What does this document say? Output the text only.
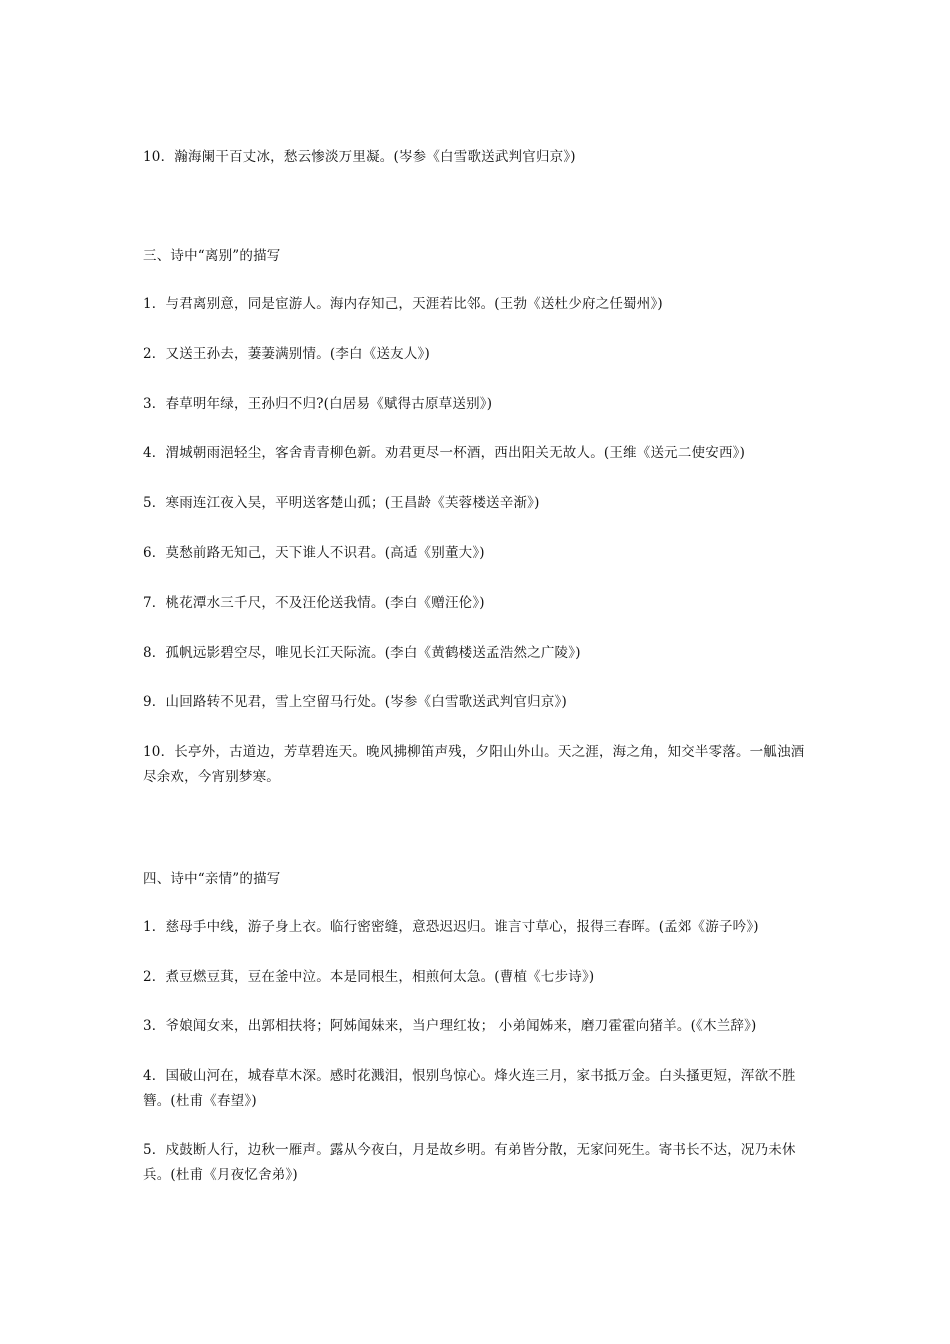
10．瀚海阑干百丈冰，愁云惨淡万里凝。(岑参《白雪歌送武判官归京》)
三、诗中“离别”的描写
1．与君离别意，同是宦游人。海内存知己，天涯若比邻。(王勃《送杜少府之任蜀州》)
2．又送王孙去，萋萋满别情。(李白《送友人》)
3．春草明年绿，王孙归不归?(白居易《赋得古原草送别》)
4．渭城朝雨浥轻尘，客舍青青柳色新。劝君更尽一杯酒，西出阳关无故人。(王维《送元二使安西》)
5．寒雨连江夜入吴，平明送客楚山孤；(王昌龄《芙蓉楼送辛渐》)
6．莫愁前路无知己，天下谁人不识君。(高适《别董大》)
7．桃花潭水三千尺，不及汪伦送我情。(李白《赠汪伦》)
8．孤帆远影碧空尽，唯见长江天际流。(李白《黄鹤楼送孟浩然之广陵》)
9．山回路转不见君，雪上空留马行处。(岑参《白雪歌送武判官归京》)
10．长亭外，古道边，芳草碧连天。晚风拂柳笛声残，夕阳山外山。天之涯，海之角，知交半零落。一觚浊酒尽余欢，今宵别梦寒。
四、诗中“亲情”的描写
1．慈母手中线，游子身上衣。临行密密缝，意恐迟迟归。谁言寸草心，报得三春晖。(孟郊《游子吟》)
2．煮豆燃豆萁，豆在釜中泣。本是同根生，相煎何太急。(曹植《七步诗》)
3．爷娘闻女来，出郭相扶将；阿姊闻妹来，当户理红妆； 小弟闻姊来，磨刀霍霍向猪羊。(《木兰辞》)
4．国破山河在，城春草木深。感时花溅泪，恨别鸟惊心。烽火连三月，家书抵万金。白头搔更短，浑欲不胜簪。(杜甫《春望》)
5．戍鼓断人行，边秋一雁声。露从今夜白，月是故乡明。有弟皆分散，无家问死生。寄书长不达，况乃未休兵。(杜甫《月夜忆舍弟》)
